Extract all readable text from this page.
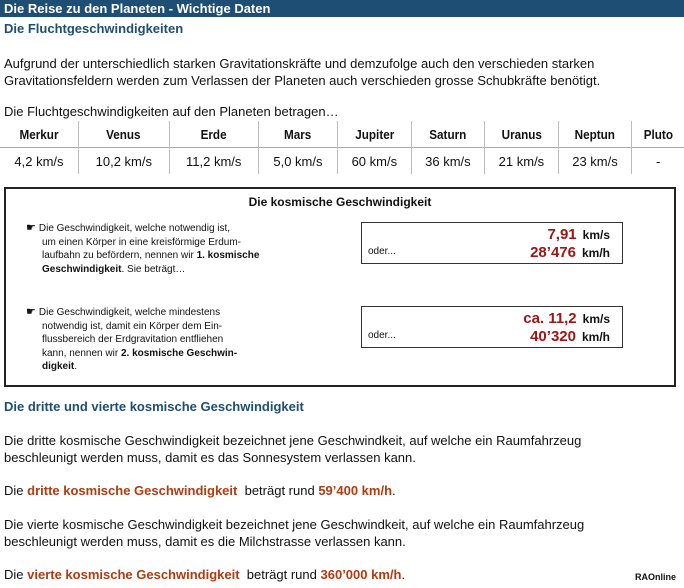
Die Reise zu den Planeten - Wichtige Daten
Die Fluchtgeschwindigkeiten
Aufgrund der unterschiedlich starken Gravitationskräfte und demzufolge auch den verschieden starken
Gravitationsfeldern werden zum Verlassen der Planeten auch verschieden grosse Schubkräfte benötigt.
Die Fluchtgeschwindigkeiten auf den Planeten betragen…
Merkur	Venus	Erde	Mars	Jupiter	Saturn	Uranus	Neptun	Pluto
4,2 km/s	10,2 km/s	11,2 km/s	5,0 km/s	60 km/s	36 km/s	21 km/s	23 km/s	-
Die kosmische Geschwindigkeit
☛ Die Geschwindigkeit, welche notwendig ist,
um einen Körper in eine kreisförmige Erdum-
laufbahn zu befördern, nennen wir 1. kosmische
Geschwindigkeit. Sie beträgt…
7,91 km/s
28’476 km/h
oder...
☛ Die Geschwindigkeit, welche mindestens
notwendig ist, damit ein Körper dem Ein-
flussbereich der Erdgravitation entfliehen
kann, nennen wir 2. kosmische Geschwin-
digkeit.
ca. 11,2 km/s
40’320 km/h
oder...
Die dritte und vierte kosmische Geschwindigkeit
Die dritte kosmische Geschwindigkeit bezeichnet jene Geschwindkeit, auf welche ein Raumfahrzeug
beschleunigt werden muss, damit es das Sonnesystem verlassen kann.
Die dritte kosmische Geschwindigkeit  beträgt rund 59’400 km/h.
Die vierte kosmische Geschwindigkeit bezeichnet jene Geschwindkeit, auf welche ein Raumfahrzeug
beschleunigt werden muss, damit es die Milchstrasse verlassen kann.
Die vierte kosmische Geschwindigkeit  beträgt rund 360’000 km/h.	RAOnline
